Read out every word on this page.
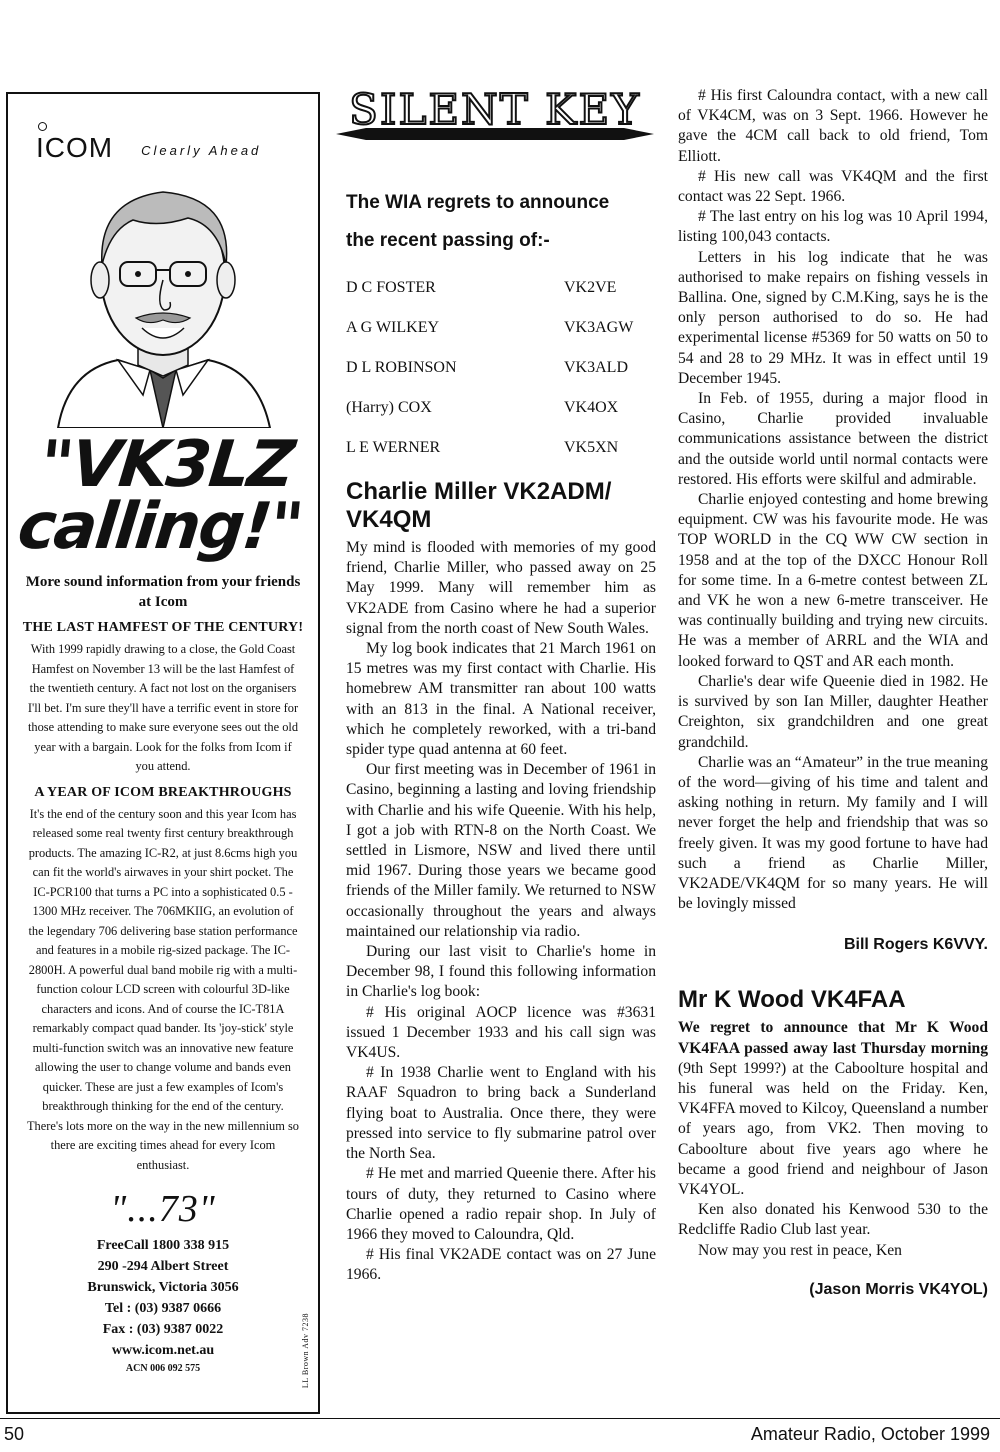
ICOM Clearly Ahead
"VK3LZ
calling!"
More sound information from your friends at Icom
THE LAST HAMFEST OF THE CENTURY!
With 1999 rapidly drawing to a close, the Gold Coast Hamfest on November 13 will be the last Hamfest of the twentieth century. A fact not lost on the organisers I'll bet. I'm sure they'll have a terrific event in store for those attending to make sure everyone sees out the old year with a bargain. Look for the folks from Icom if you attend.
A YEAR OF ICOM BREAKTHROUGHS
It's the end of the century soon and this year Icom has released some real twenty first century breakthrough products. The amazing IC-R2, at just 8.6cms high you can fit the world's airwaves in your shirt pocket. The IC-PCR100 that turns a PC into a sophisticated 0.5 - 1300 MHz receiver. The 706MKIIG, an evolution of the legendary 706 delivering base station performance and features in a mobile rig-sized package. The IC-2800H. A powerful dual band mobile rig with a multi-function colour LCD screen with colourful 3D-like characters and icons. And of course the IC-T81A remarkably compact quad bander. Its 'joy-stick' style multi-function switch was an innovative new feature allowing the user to change volume and bands even quicker. These are just a few examples of Icom's breakthrough thinking for the end of the century. There's lots more on the way in the new millennium so there are exciting times ahead for every Icom enthusiast.
"...73"
FreeCall 1800 338 915
290 -294 Albert Street
Brunswick, Victoria 3056
Tel : (03) 9387 0666
Fax : (03) 9387 0022
www.icom.net.au
ACN 006 092 575	LL Brown Adv 7238
SILENT KEY
The WIA regrets to announce
the recent passing of:-
D C FOSTER	VK2VE
A G WILKEY	VK3AGW
D L ROBINSON	VK3ALD
(Harry) COX	VK4OX
L E WERNER	VK5XN
Charlie Miller VK2ADM/ VK4QM

My mind is flooded with memories of my good friend, Charlie Miller, who passed away on 25 May 1999. Many will remember him as VK2ADE from Casino where he had a superior signal from the north coast of New South Wales.

My log book indicates that 21 March 1961 on 15 metres was my first contact with Charlie. His homebrew AM transmitter ran about 100 watts with an 813 in the final. A National receiver, which he completely reworked, with a tri-band spider type quad antenna at 60 feet.

Our first meeting was in December of 1961 in Casino, beginning a lasting and loving friendship with Charlie and his wife Queenie. With his help, I got a job with RTN-8 on the North Coast. We settled in Lismore, NSW and lived there until mid 1967. During those years we became good friends of the Miller family. We returned to NSW occasionally throughout the years and always maintained our relationship via radio.

During our last visit to Charlie's home in December 98, I found this following information in Charlie's log book:

# His original AOCP licence was #3631 issued 1 December 1933 and his call sign was VK4US.

# In 1938 Charlie went to England with his RAAF Squadron to bring back a Sunderland flying boat to Australia. Once there, they were pressed into service to fly submarine patrol over the North Sea.

# He met and married Queenie there. After his tours of duty, they returned to Casino where Charlie opened a radio repair shop. In July of 1966 they moved to Caloundra, Qld.

# His final VK2ADE contact was on 27 June 1966.

# His first Caloundra contact, with a new call of VK4CM, was on 3 Sept. 1966. However he gave the 4CM call back to old friend, Tom Elliott.

# His new call was VK4QM and the first contact was 22 Sept. 1966.

# The last entry on his log was 10 April 1994, listing 100,043 contacts.

Letters in his log indicate that he was authorised to make repairs on fishing vessels in Ballina. One, signed by C.M.King, says he is the only person authorised to do so. He had experimental license #5369 for 50 watts on 50 to 54 and 28 to 29 MHz. It was in effect until 19 December 1945.

In Feb. of 1955, during a major flood in Casino, Charlie provided invaluable communications assistance between the district and the outside world until normal contacts were restored. His efforts were skilful and admirable.

Charlie enjoyed contesting and home brewing equipment. CW was his favourite mode. He was TOP WORLD in the CQ WW CW section in 1958 and at the top of the DXCC Honour Roll for some time. In a 6-metre contest between ZL and VK he won a new 6-metre transceiver. He was continually building and trying new circuits. He was a member of ARRL and the WIA and looked forward to QST and AR each month.

Charlie's dear wife Queenie died in 1982. He is survived by son Ian Miller, daughter Heather Creighton, six grandchildren and one great grandchild.

Charlie was an “Amateur” in the true meaning of the word—giving of his time and talent and asking nothing in return. My family and I will never forget the help and friendship that was so freely given. It was my good fortune to have had such a friend as Charlie Miller, VK2ADE/VK4QM for so many years. He will be lovingly missed

Bill Rogers K6VVY.
Mr K Wood VK4FAA

We regret to announce that Mr K Wood VK4FAA passed away last Thursday morning (9th Sept 1999?) at the Caboolture hospital and his funeral was held on the Friday. Ken, VK4FFA moved to Kilcoy, Queensland a number of years ago, from VK2. Then moving to Caboolture about five years ago where he became a good friend and neighbour of Jason VK4YOL.

Ken also donated his Kenwood 530 to the Redcliffe Radio Club last year.

Now may you rest in peace, Ken

(Jason Morris VK4YOL)
50	Amateur Radio, October 1999
